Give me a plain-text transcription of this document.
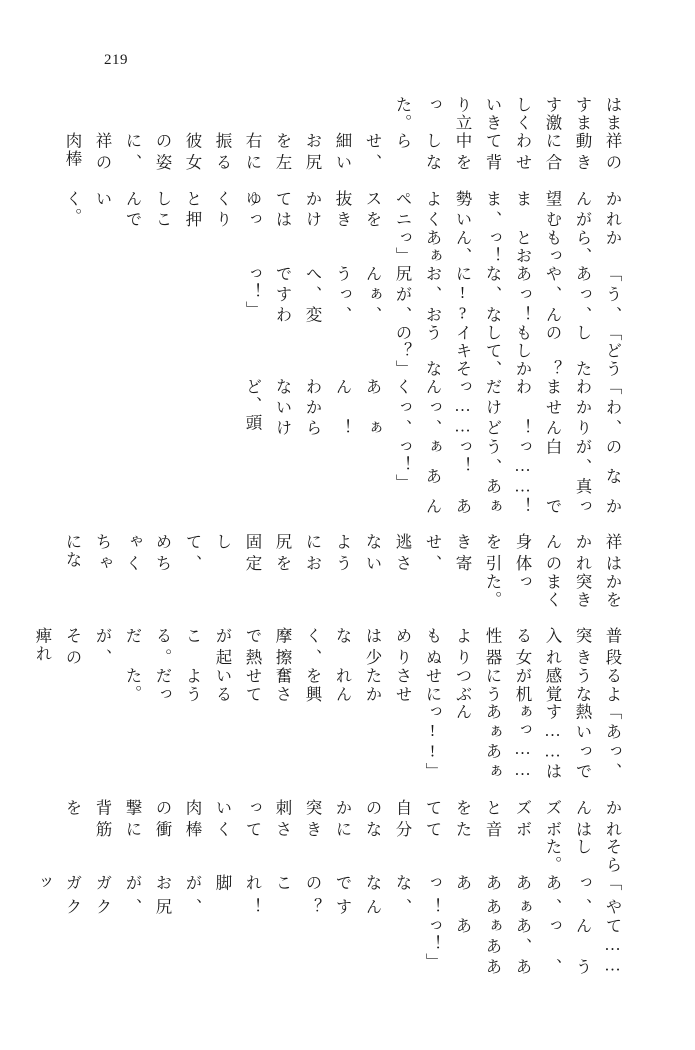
219

はますます激しくいきり立った。

祥の動きに合わせて背中をしならせ、細いお尻を左右に振る彼女の姿に、祥の肉棒

かれんが望むまま、勢いよくペニスを抜きかけてはゆっくりと押しこんでいく。

から、もっとおっ！ ん、あぁっ」

「う、あっ、や、んあっ！ な、なに!? お、お尻が、んぁ、うっ、へ、変ですわっ！」

「どうしたの？ もしかして、イキそうなの？」

「わ、わかりませんわ！ だけどっ……んっ、くっ、あぁん！ わからないけど、頭

のなかが、真っ白でっ……！ う、あぁっ！ あぁあんっ！」

祥はかれんの身体を引き寄せ、逃さないようにお尻を固定して、めちゃくちゃにな

かを突きまくった。

普段突き入れる女性器よりもぬめりは少なく、摩擦で熱が起こる。だが、その痺れ

るような感覚が机にうつぶせにさせたかれんを興奮させているようだった。

「あっ、熱いっです……はぁっ……あぁあぁんっ!!」

かれんはズボズボと音をたてて自分のなかに突き刺さっていく肉棒の衝撃に背筋を

そらした。

「やっ、あ、あぁあああっ！ な、なんですの？ これ！ 脚が、お尻が、ガクガクッ

て……んうっ、あ、あぁあああっ！」
